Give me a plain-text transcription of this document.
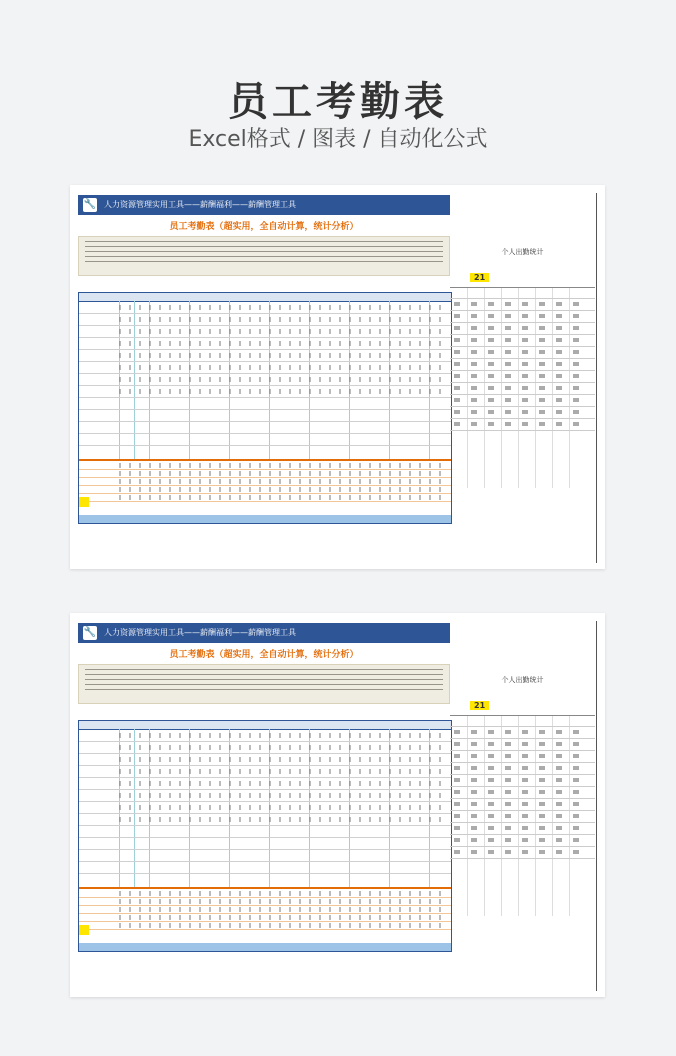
员工考勤表
Excel格式 / 图表 / 自动化公式
🔧 人力资源管理实用工具——薪酬福利——薪酬管理工具
员工考勤表（超实用，全自动计算，统计分析）
个人出勤统计
21
🔧 人力资源管理实用工具——薪酬福利——薪酬管理工具
员工考勤表（超实用，全自动计算，统计分析）
个人出勤统计
21
